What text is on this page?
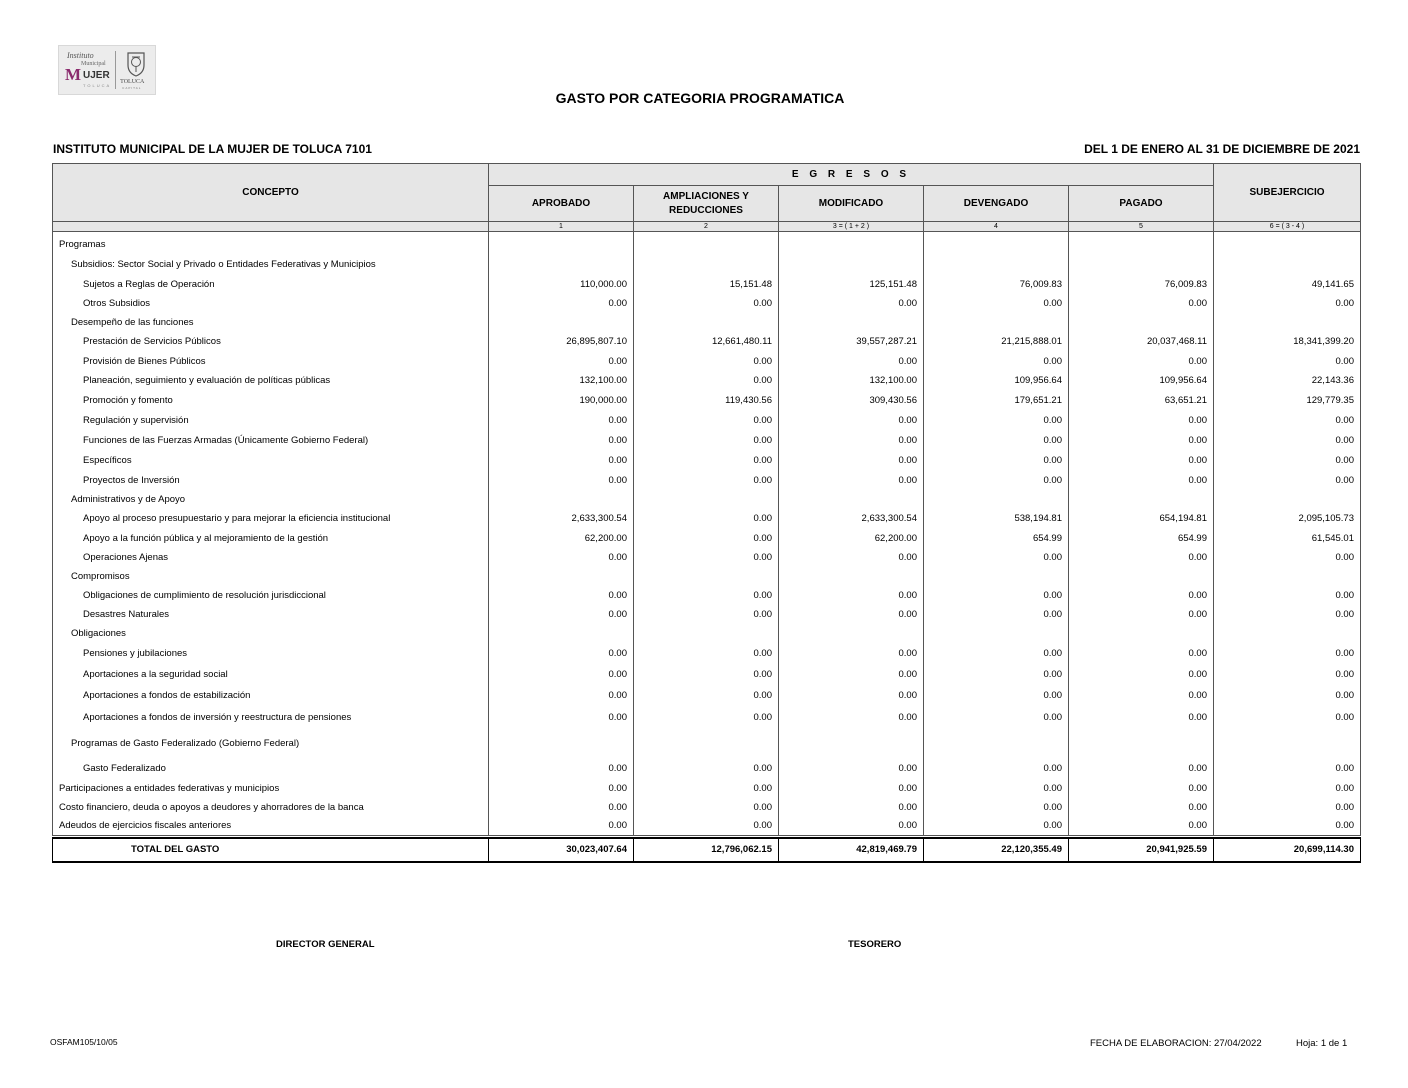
Instituto
Municipal
M UJER
TOLUCA
TOLUCA
CAPITAL
GASTO POR CATEGORIA PROGRAMATICA
INSTITUTO MUNICIPAL DE LA MUJER DE TOLUCA 7101	DEL 1 DE ENERO AL 31 DE DICIEMBRE DE 2021
CONCEPTO	E G R E S O S					SUBEJERCICIO
	APROBADO	AMPLIACIONES Y REDUCCIONES	MODIFICADO	DEVENGADO	PAGADO	
	1	2	3 = ( 1 + 2 )	4	5	6 = ( 3 - 4 )

Programas						
Subsidios: Sector Social y Privado o Entidades Federativas y Municipios						
Sujetos a Reglas de Operación	110,000.00	15,151.48	125,151.48	76,009.83	76,009.83	49,141.65
Otros Subsidios	0.00	0.00	0.00	0.00	0.00	0.00
Desempeño de las funciones						
Prestación de Servicios Públicos	26,895,807.10	12,661,480.11	39,557,287.21	21,215,888.01	20,037,468.11	18,341,399.20
Provisión de Bienes Públicos	0.00	0.00	0.00	0.00	0.00	0.00
Planeación, seguimiento y evaluación de políticas públicas	132,100.00	0.00	132,100.00	109,956.64	109,956.64	22,143.36
Promoción y fomento	190,000.00	119,430.56	309,430.56	179,651.21	63,651.21	129,779.35
Regulación y supervisión	0.00	0.00	0.00	0.00	0.00	0.00
Funciones de las Fuerzas Armadas (Únicamente Gobierno Federal)	0.00	0.00	0.00	0.00	0.00	0.00
Específicos	0.00	0.00	0.00	0.00	0.00	0.00
Proyectos de Inversión	0.00	0.00	0.00	0.00	0.00	0.00
Administrativos y de Apoyo						
Apoyo al proceso presupuestario y para mejorar la eficiencia institucional	2,633,300.54	0.00	2,633,300.54	538,194.81	654,194.81	2,095,105.73
Apoyo a la función pública y al mejoramiento de la gestión	62,200.00	0.00	62,200.00	654.99	654.99	61,545.01
Operaciones Ajenas	0.00	0.00	0.00	0.00	0.00	0.00
Compromisos						
Obligaciones de cumplimiento de resolución jurisdiccional	0.00	0.00	0.00	0.00	0.00	0.00
Desastres Naturales	0.00	0.00	0.00	0.00	0.00	0.00
Obligaciones						
Pensiones y jubilaciones	0.00	0.00	0.00	0.00	0.00	0.00
Aportaciones a la seguridad social	0.00	0.00	0.00	0.00	0.00	0.00
Aportaciones a fondos de estabilización	0.00	0.00	0.00	0.00	0.00	0.00
Aportaciones a fondos de inversión y reestructura de pensiones	0.00	0.00	0.00	0.00	0.00	0.00
Programas de Gasto Federalizado (Gobierno Federal)						
Gasto Federalizado	0.00	0.00	0.00	0.00	0.00	0.00
Participaciones a entidades federativas y municipios	0.00	0.00	0.00	0.00	0.00	0.00
Costo financiero, deuda o apoyos a deudores y ahorradores de la banca	0.00	0.00	0.00	0.00	0.00	0.00
Adeudos de ejercicios fiscales anteriores	0.00	0.00	0.00	0.00	0.00	0.00

TOTAL DEL GASTO	30,023,407.64	12,796,062.15	42,819,469.79	22,120,355.49	20,941,925.59	20,699,114.30
DIRECTOR GENERAL	TESORERO
OSFAM105/10/05	FECHA DE ELABORACION: 27/04/2022	Hoja: 1 de 1
